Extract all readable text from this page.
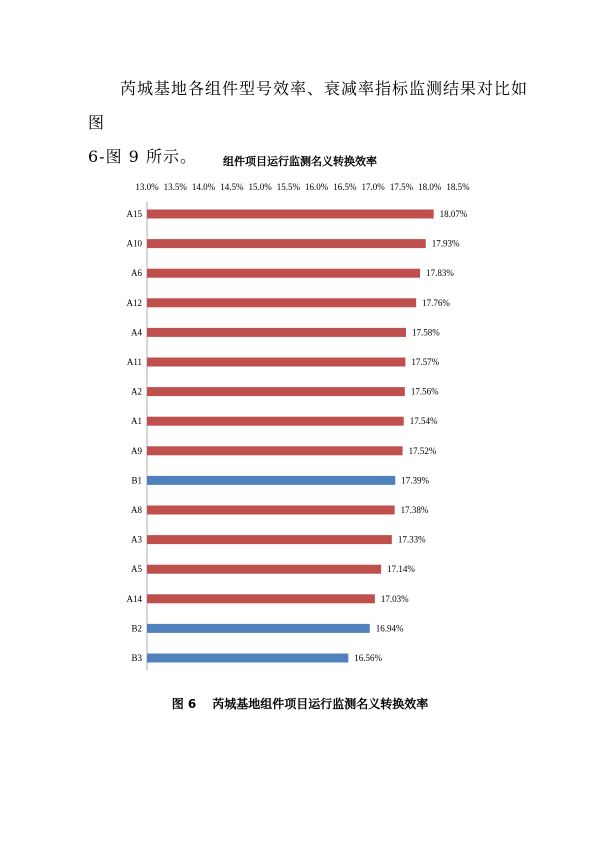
芮城基地各组件型号效率、衰减率指标监测结果对比如图
6-图 9 所示。	组件项目运行监测名义转换效率
13.0% 13.5% 14.0% 14.5% 15.0% 15.5% 16.0% 16.5% 17.0% 17.5% 18.0% 18.5%
A15	18.07%
A10	17.93%
A6	17.83%
A12	17.76%
A4	17.58%
A11	17.57%
A2	17.56%
A1	17.54%
A9	17.52%
B1	17.39%
A8	17.38%
A3	17.33%
A5	17.14%
A14	17.03%
B2	16.94%
B3	16.56%
图 6 芮城基地组件项目运行监测名义转换效率
